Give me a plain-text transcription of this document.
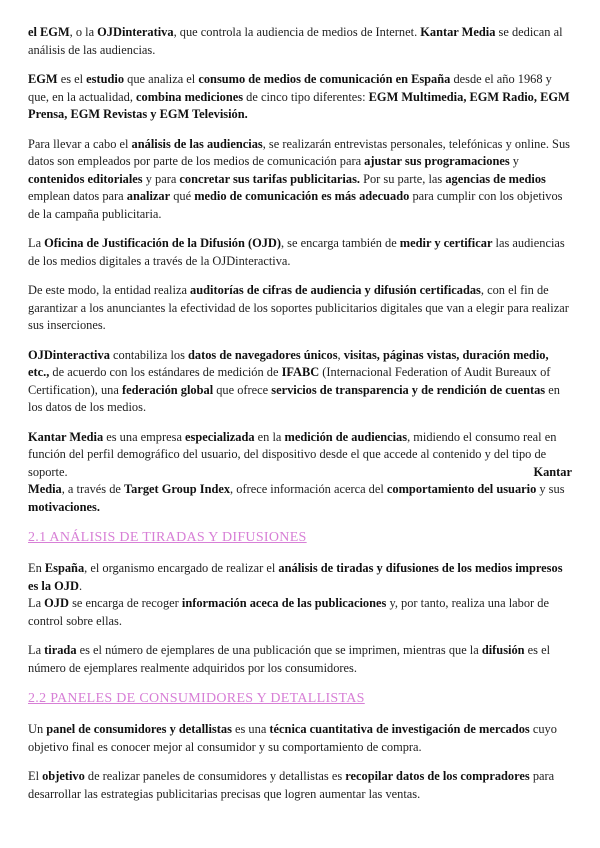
el EGM, o la OJDinterativa, que controla la audiencia de medios de Internet. Kantar Media se dedican al análisis de las audiencias.

EGM es el estudio que analiza el consumo de medios de comunicación en España desde el año 1968 y que, en la actualidad, combina mediciones de cinco tipo diferentes: EGM Multimedia, EGM Radio, EGM Prensa, EGM Revistas y EGM Televisión.

Para llevar a cabo el análisis de las audiencias, se realizarán entrevistas personales, telefónicas y online. Sus datos son empleados por parte de los medios de comunicación para ajustar sus programaciones y contenidos editoriales y para concretar sus tarifas publicitarias. Por su parte, las agencias de medios emplean datos para analizar qué medio de comunicación es más adecuado para cumplir con los objetivos de la campaña publicitaria.

La Oficina de Justificación de la Difusión (OJD), se encarga también de medir y certificar las audiencias de los medios digitales a través de la OJDinteractiva.

De este modo, la entidad realiza auditorías de cifras de audiencia y difusión certificadas, con el fin de garantizar a los anunciantes la efectividad de los soportes publicitarios digitales que van a elegir para realizar sus inserciones.

OJDinteractiva contabiliza los datos de navegadores únicos, visitas, páginas vistas, duración medio, etc., de acuerdo con los estándares de medición de IFABC (Internacional Federation of Audit Bureaux of Certification), una federación global que ofrece servicios de transparencia y de rendición de cuentas en los datos de los medios.

Kantar Media es una empresa especializada en la medición de audiencias, midiendo el consumo real en función del perfil demográfico del usuario, del dispositivo desde el que accede al contenido y del tipo de soporte.	Kantar

Media, a través de Target Group Index, ofrece información acerca del comportamiento del usuario y sus motivaciones.

2.1 ANÁLISIS DE TIRADAS Y DIFUSIONES

En España, el organismo encargado de realizar el análisis de tiradas y difusiones de los medios impresos es la OJD.

La OJD se encarga de recoger información aceca de las publicaciones y, por tanto, realiza una labor de control sobre ellas.

La tirada es el número de ejemplares de una publicación que se imprimen, mientras que la difusión es el número de ejemplares realmente adquiridos por los consumidores.

2.2 PANELES DE CONSUMIDORES Y DETALLISTAS

Un panel de consumidores y detallistas es una técnica cuantitativa de investigación de mercados cuyo objetivo final es conocer mejor al consumidor y su comportamiento de compra.

El objetivo de realizar paneles de consumidores y detallistas es recopilar datos de los compradores para desarrollar las estrategias publicitarias precisas que logren aumentar las ventas.
